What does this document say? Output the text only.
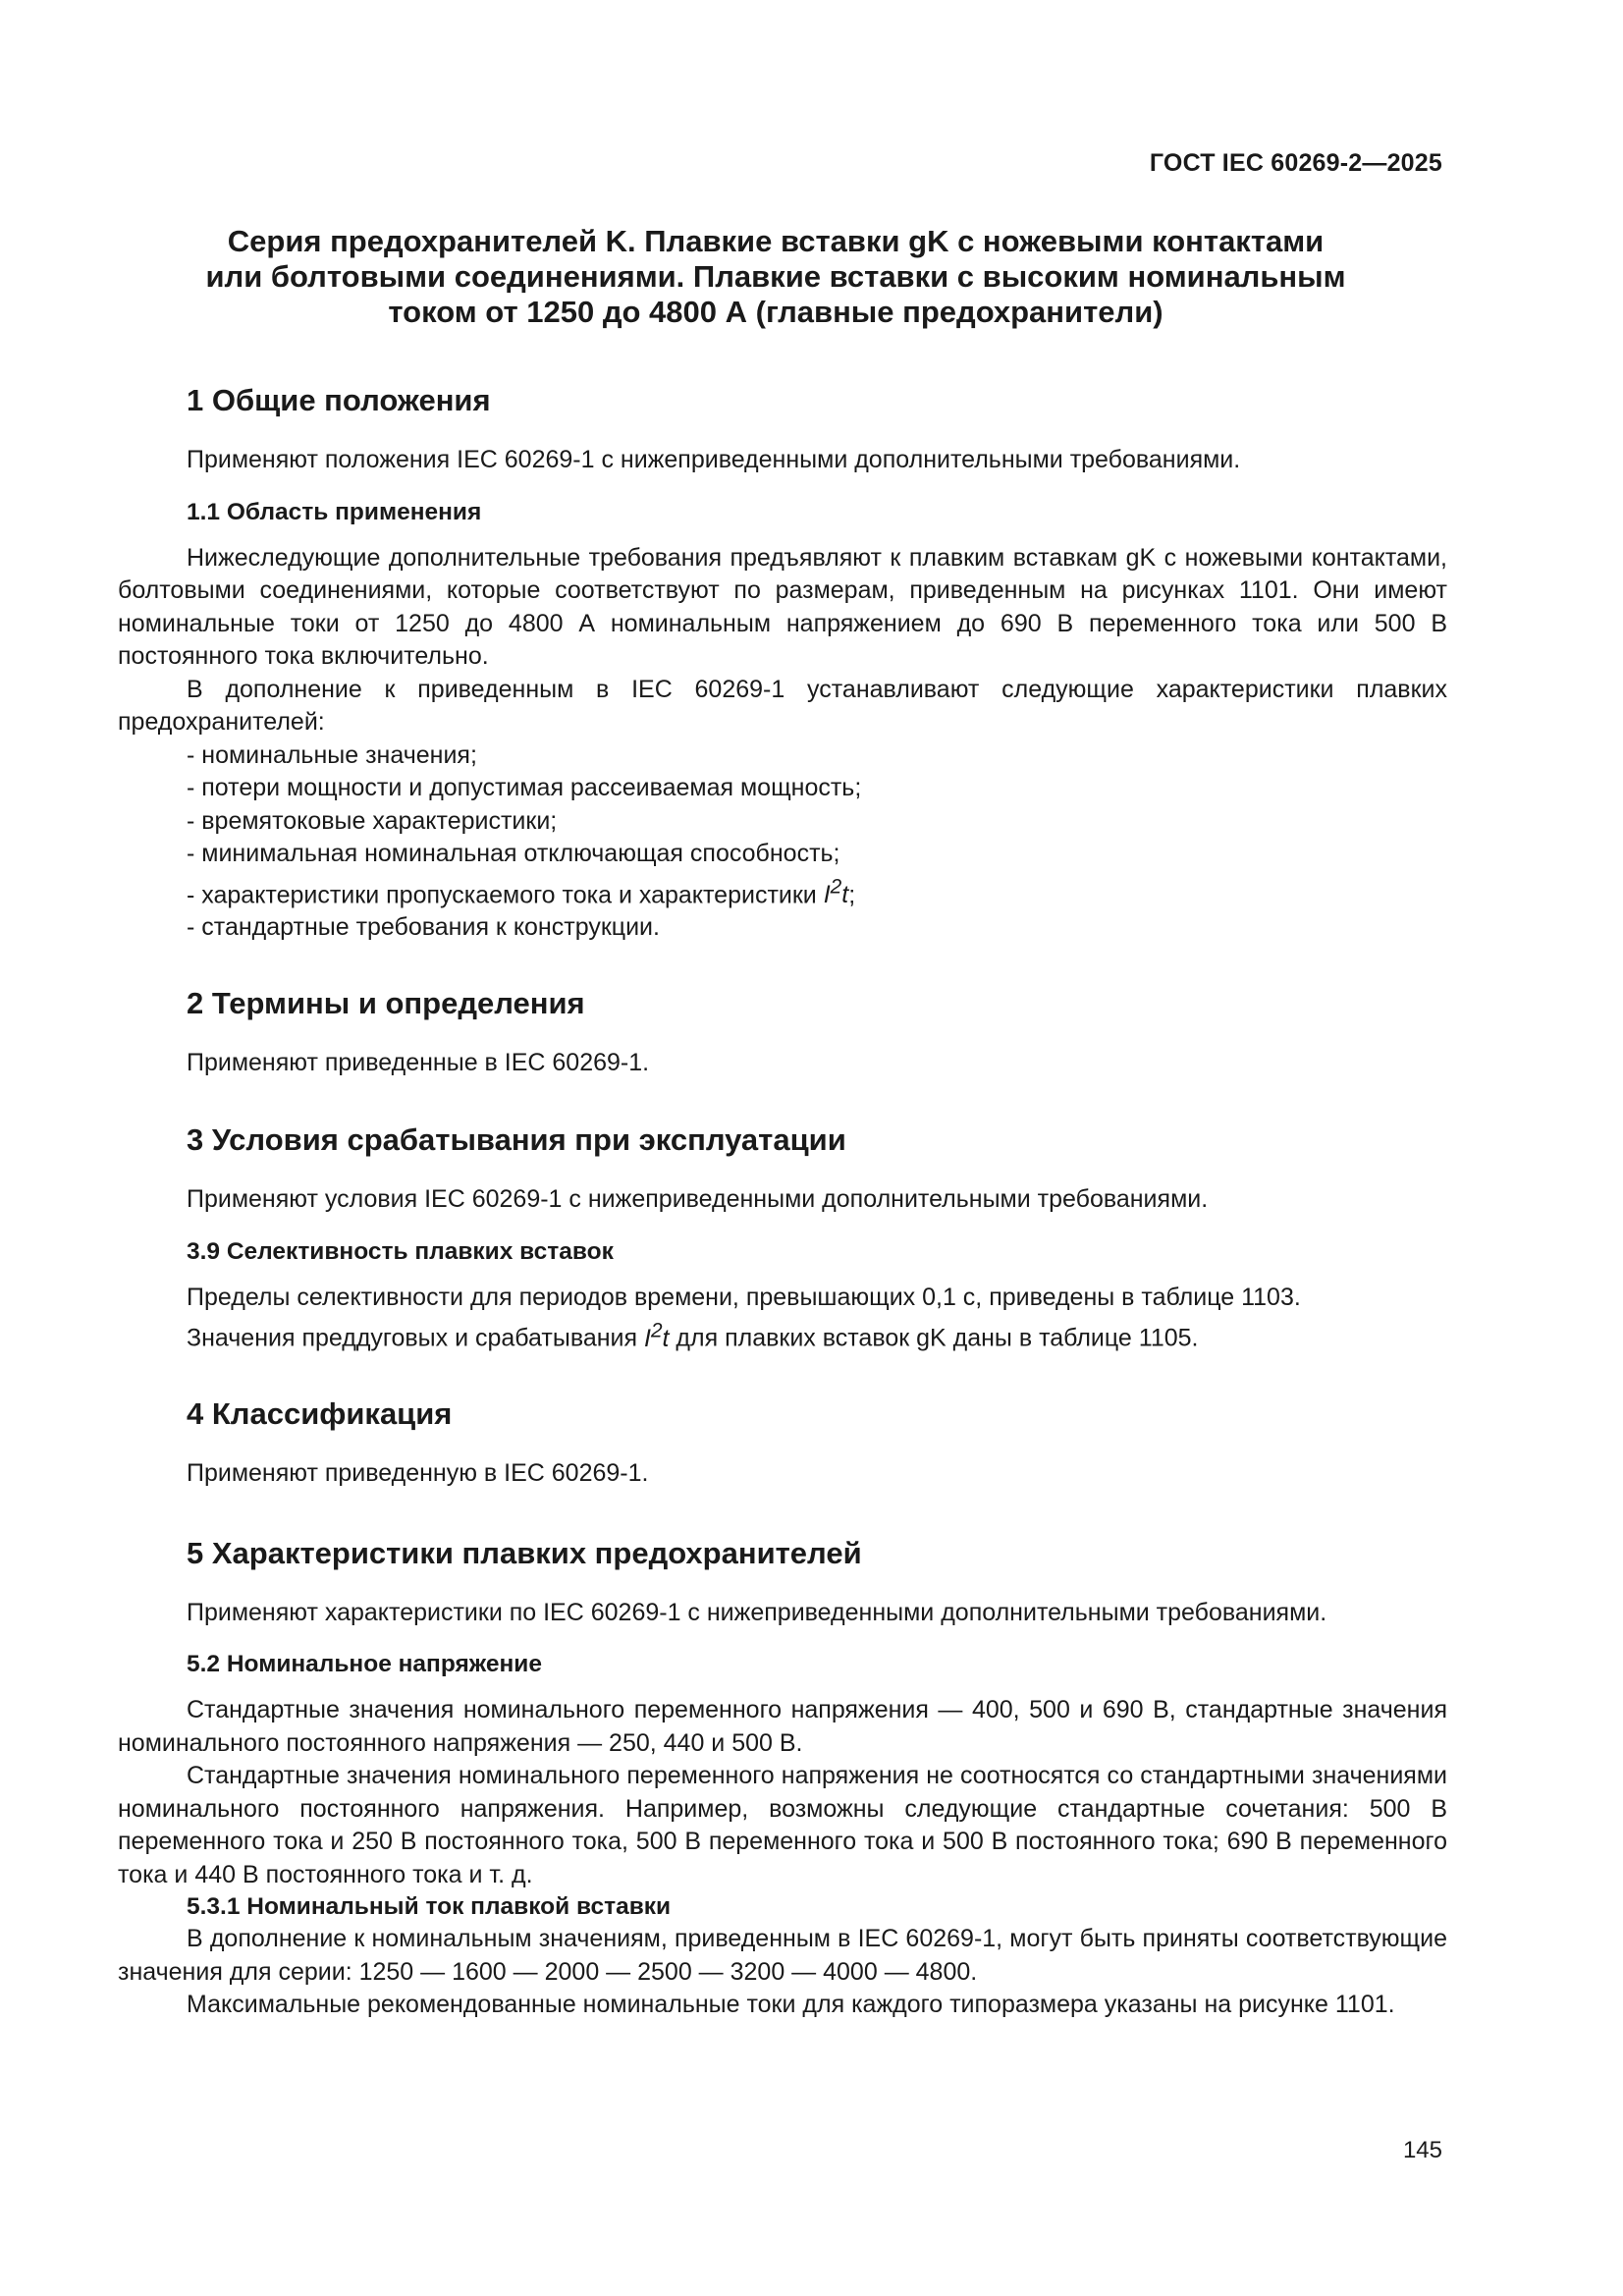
ГОСТ IEC 60269-2—2025
Серия предохранителей K. Плавкие вставки gK с ножевыми контактами
или болтовыми соединениями. Плавкие вставки с высоким номинальным
током от 1250 до 4800 А (главные предохранители)
1 Общие положения
Применяют положения IEC 60269-1 с нижеприведенными дополнительными требованиями.
1.1 Область применения

Нижеследующие дополнительные требования предъявляют к плавким вставкам gK с ножевыми контактами, болтовыми соединениями, которые соответствуют по размерам, приведенным на рисунках 1101. Они имеют номинальные токи от 1250 до 4800 А номинальным напряжением до 690 В переменного тока или 500 В постоянного тока включительно.

В дополнение к приведенным в IEC 60269-1 устанавливают следующие характеристики плавких предохранителей:

- номинальные значения;
- потери мощности и допустимая рассеиваемая мощность;
- времятоковые характеристики;
- минимальная номинальная отключающая способность;
- характеристики пропускаемого тока и характеристики $I^2t$;
- стандартные требования к конструкции.
2 Термины и определения
Применяют приведенные в IEC 60269-1.
3 Условия срабатывания при эксплуатации
Применяют условия IEC 60269-1 с нижеприведенными дополнительными требованиями.
3.9 Селективность плавких вставок

Пределы селективности для периодов времени, превышающих 0,1 с, приведены в таблице 1103.

Значения преддуговых и срабатывания $I^2t$ для плавких вставок gK даны в таблице 1105.

4 Классификация
Применяют приведенную в IEC 60269-1.
5 Характеристики плавких предохранителей
Применяют характеристики по IEC 60269-1 с нижеприведенными дополнительными требованиями.
5.2 Номинальное напряжение

Стандартные значения номинального переменного напряжения — 400, 500 и 690 В, стандартные значения номинального постоянного напряжения — 250, 440 и 500 В.

Стандартные значения номинального переменного напряжения не соотносятся со стандартными значениями номинального постоянного напряжения. Например, возможны следующие стандартные сочетания: 500 В переменного тока и 250 В постоянного тока, 500 В переменного тока и 500 В постоянного тока; 690 В переменного тока и 440 В постоянного тока и т. д.

5.3.1 Номинальный ток плавкой вставки

В дополнение к номинальным значениям, приведенным в IEC 60269-1, могут быть приняты соответствующие значения для серии: 1250 — 1600 — 2000 — 2500 — 3200 — 4000 — 4800.

Максимальные рекомендованные номинальные токи для каждого типоразмера указаны на рисунке 1101.

145
